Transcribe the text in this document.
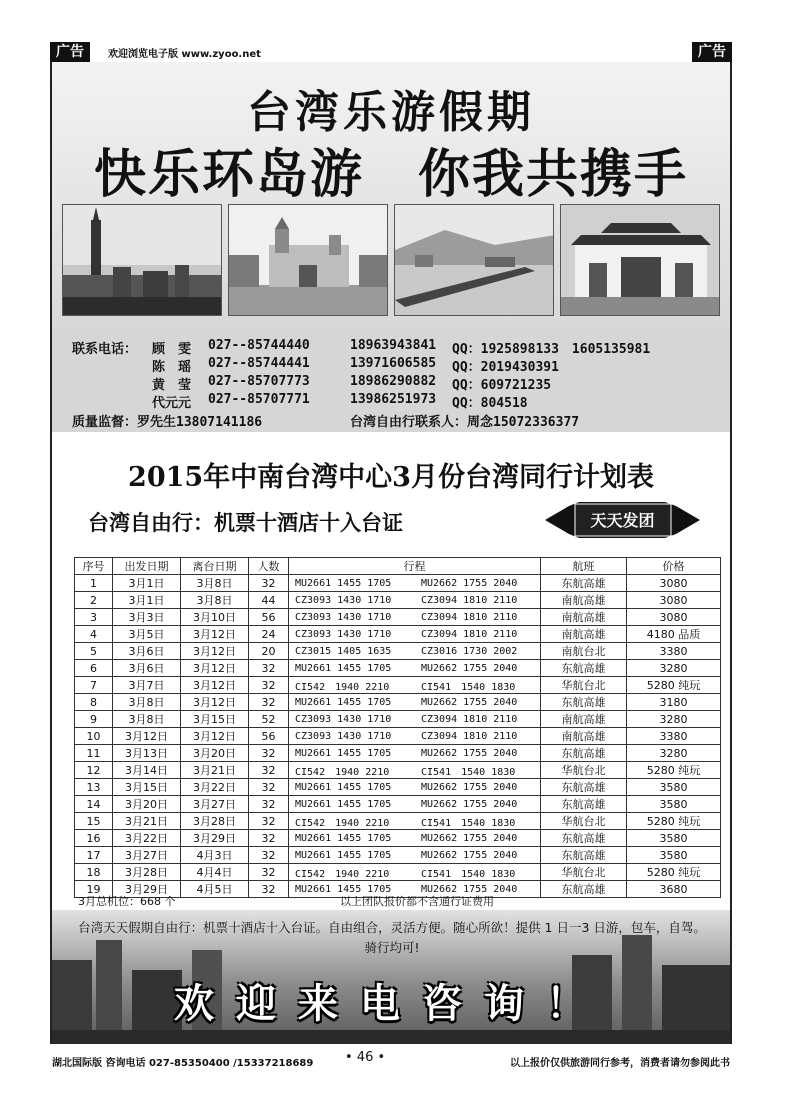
广告	欢迎浏览电子版 www.zyoo.net	广告
台湾乐游假期
快乐环岛游　你我共携手
联系电话： 顾　雯 027--85744440	18963943841 QQ：1925898133　1605135981
陈　瑶 027--85744441	13971606585 QQ：2019430391
黄　莹 027--85707773	18986290882 QQ：609721235
代元元 027--85707771	13986251973 QQ：804518
质量监督：罗先生13807141186	台湾自由行联系人：周念15072336377
2015年中南台湾中心3月份台湾同行计划表
台湾自由行：机票十酒店十入台证	天天发团
序号	出发日期	离台日期	人数	行程	航班	价格
1	3月1日	3月8日	32	MU2661 1455 1705 MU2662 1755 2040	东航高雄	3080
2	3月1日	3月8日	44	CZ3093 1430 1710 CZ3094 1810 2110	南航高雄	3080
3	3月3日	3月10日	56	CZ3093 1430 1710 CZ3094 1810 2110	南航高雄	3080
4	3月5日	3月12日	24	CZ3093 1430 1710 CZ3094 1810 2110	南航高雄	4180 品质
5	3月6日	3月12日	20	CZ3015 1405 1635 CZ3016 1730 2002	南航台北	3380
6	3月6日	3月12日	32	MU2661 1455 1705 MU2662 1755 2040	东航高雄	3280
7	3月7日	3月12日	32	CI542　1940 2210 CI541　1540 1830	华航台北	5280 纯玩
8	3月8日	3月12日	32	MU2661 1455 1705 MU2662 1755 2040	东航高雄	3180
9	3月8日	3月15日	52	CZ3093 1430 1710 CZ3094 1810 2110	南航高雄	3280
10	3月12日	3月12日	56	CZ3093 1430 1710 CZ3094 1810 2110	南航高雄	3380
11	3月13日	3月20日	32	MU2661 1455 1705 MU2662 1755 2040	东航高雄	3280
12	3月14日	3月21日	32	CI542　1940 2210 CI541　1540 1830	华航台北	5280 纯玩
13	3月15日	3月22日	32	MU2661 1455 1705 MU2662 1755 2040	东航高雄	3580
14	3月20日	3月27日	32	MU2661 1455 1705 MU2662 1755 2040	东航高雄	3580
15	3月21日	3月28日	32	CI542　1940 2210 CI541　1540 1830	华航台北	5280 纯玩
16	3月22日	3月29日	32	MU2661 1455 1705 MU2662 1755 2040	东航高雄	3580
17	3月27日	4月3日	32	MU2661 1455 1705 MU2662 1755 2040	东航高雄	3580
18	3月28日	4月4日	32	CI542　1940 2210 CI541　1540 1830	华航台北	5280 纯玩
19	3月29日	4月5日	32	MU2661 1455 1705 MU2662 1755 2040	东航高雄	3680
3月总机位：668 个	以上团队报价都不含通行证费用
台湾天天假期自由行：机票十酒店十入台证。自由组合，灵活方便。随心所欲！提供 1 日一3 日游，包车，自驾。骑行均可!
欢迎来电咨询！
湖北国际版 咨询电话 027-85350400 /15337218689 • 46 •	以上报价仅供旅游同行参考，消费者请勿参阅此书
